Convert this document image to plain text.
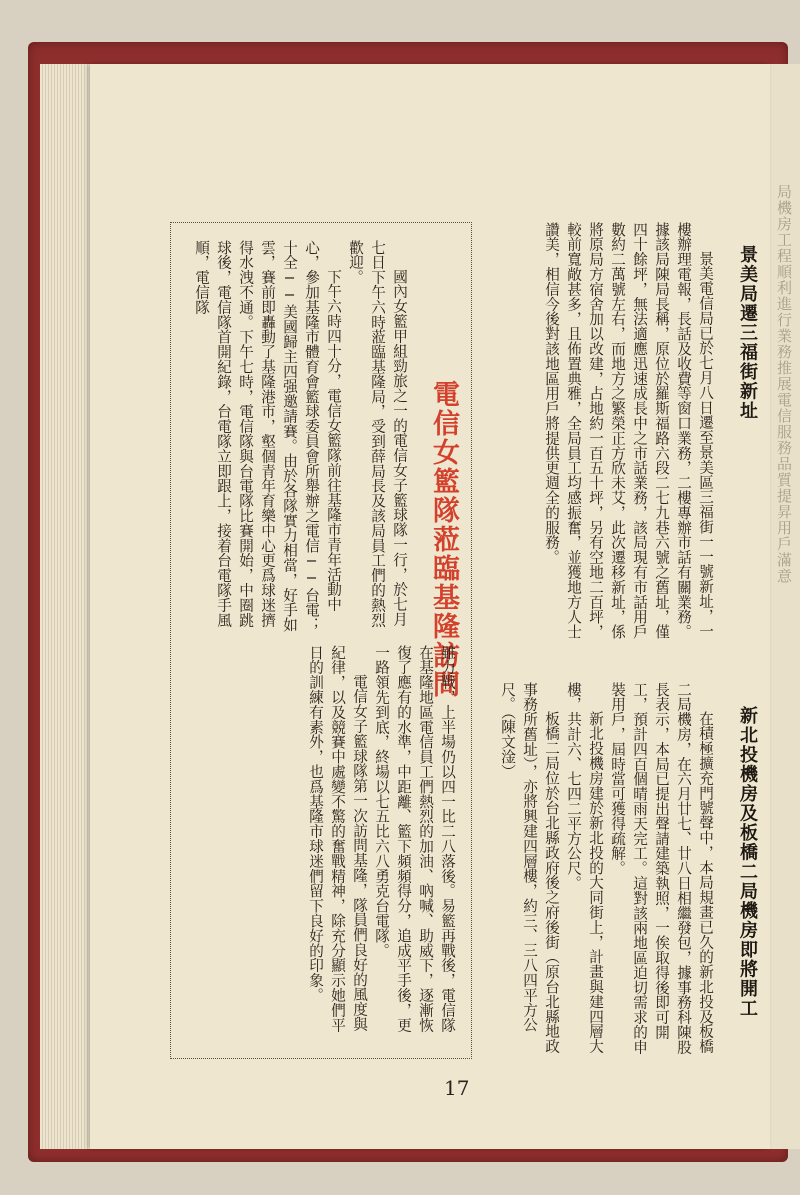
局機房工程順利進行業務推展電信服務品質提昇用戶滿意
景美局遷三福街新址

景美電信局已於七月八日遷至景美區三福街一一號新址，一樓辦理電報，長話及收費等窗口業務，二樓專辦市話有關業務。據該局陳局長稱，原位於羅斯福路六段二七九巷六號之舊址，僅四十餘坪，無法適應迅速成長中之市話業務，該局現有市話用戶數約二萬號左右，而地方之繁榮正方欣未艾，此次遷移新址，係將原局方宿舍加以改建，占地約一百五十坪，另有空地二百坪，較前寬敞甚多，且佈置典雅，全局員工均感振奮，並獲地方人士讚美，相信今後對該地區用戶將提供更週全的服務。

新北投機房及板橋二局機房即將開工

在積極擴充門號聲中，本局規畫已久的新北投及板橋二局機房，在六月廿七、廿八日相繼發包，據事務科陳股長表示，本局已提出聲請建築執照，一俟取得後即可開工，預計四百個晴雨天完工。這對該兩地區迫切需求的申裝用戶，屆時當可獲得疏解。

新北投機房建於新北投的大同街上，計畫與建四層大樓，共計六、七四二平方公尺。

板橋二局位於台北縣政府後之府後街（原台北縣地政事務所舊址），亦將興建四層樓，約三、三八四平方公尺。（陳文淦）

電信女籃隊蒞臨基隆訪問

國內女籃甲組勁旅之一的電信女子籃球隊一行，於七月七日下午六時蒞臨基隆局，受到薛局長及該局員工們的熱烈歡迎。

下午六時四十分，電信女籃隊前往基隆市青年活動中心，參加基隆市體育會籃球委員會所舉辦之電信──台電；十全──美國歸主四强邀請賽。由於各隊實力相當，好手如雲，賽前即轟動了基隆港市，壑個青年育樂中心更爲球迷擠得水洩不通。下午七時，電信隊與台電隊比賽開始，中圈跳球後，電信隊首開紀錄，台電隊立即跟上，接着台電隊手風順，電信隊

雖力戰，上半場仍以四一比二八落後。易籃再戰後，電信隊在基隆地區電信員工們熱烈的加油、吶喊、助威下，逐漸恢復了應有的水準，中距離、籃下頻頻得分，追成平手後，更一路領先到底，終場以七五比六八勇克台電隊。

電信女子籃球隊第一次訪問基隆，隊員們良好的風度與紀律，以及競賽中處變不驚的奮戰精神，除充分顯示她們平日的訓練有素外，也爲基隆市球迷們留下良好的印象。

17
